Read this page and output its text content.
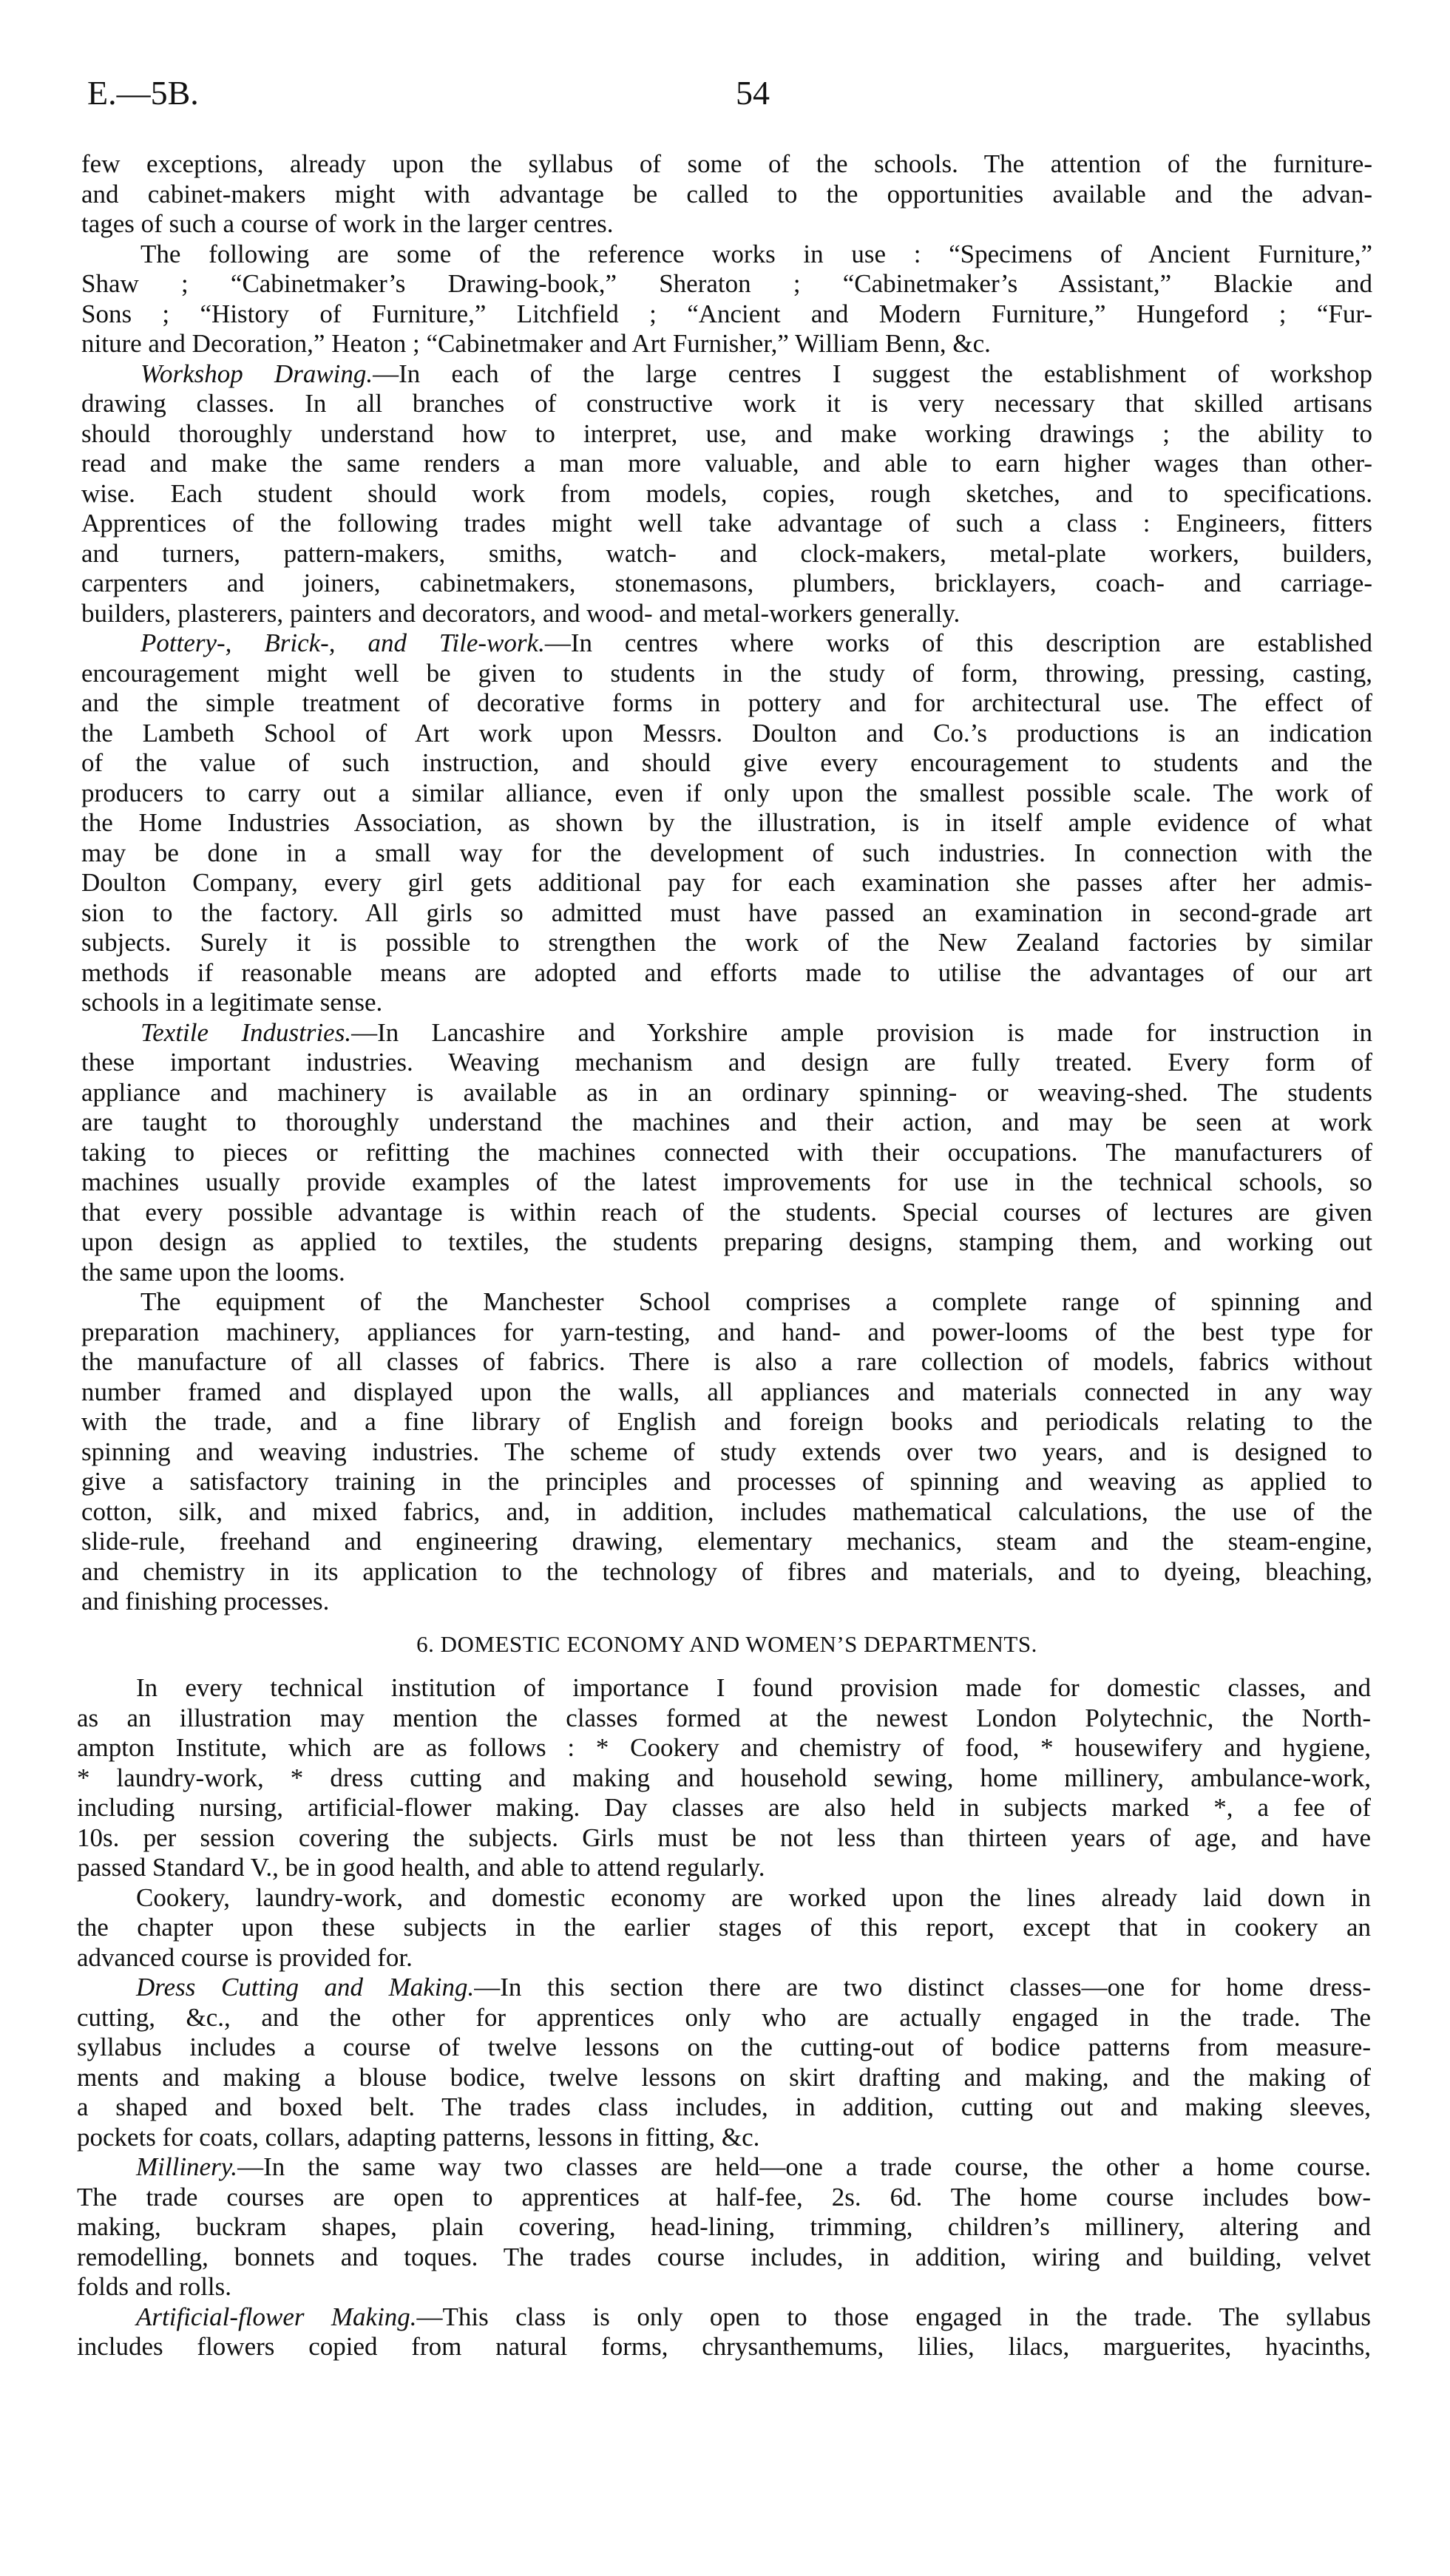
E.—5B.	54
few exceptions, already upon the syllabus of some of the schools. The attention of the furniture-
and cabinet-makers might with advantage be called to the opportunities available and the advan-
tages of such a course of work in the larger centres.
The following are some of the reference works in use : “Specimens of Ancient Furniture,”
Shaw ; “Cabinetmaker’s Drawing-book,” Sheraton ; “Cabinetmaker’s Assistant,” Blackie and
Sons ; “History of Furniture,” Litchfield ; “Ancient and Modern Furniture,” Hungeford ; “Fur-
niture and Decoration,” Heaton ; “Cabinetmaker and Art Furnisher,” William Benn, &c.
Workshop Drawing.—In each of the large centres I suggest the establishment of workshop
drawing classes. In all branches of constructive work it is very necessary that skilled artisans
should thoroughly understand how to interpret, use, and make working drawings ; the ability to
read and make the same renders a man more valuable, and able to earn higher wages than other-
wise. Each student should work from models, copies, rough sketches, and to specifications.
Apprentices of the following trades might well take advantage of such a class : Engineers, fitters
and turners, pattern-makers, smiths, watch- and clock-makers, metal-plate workers, builders,
carpenters and joiners, cabinetmakers, stonemasons, plumbers, bricklayers, coach- and carriage-
builders, plasterers, painters and decorators, and wood- and metal-workers generally.
Pottery-, Brick-, and Tile-work.—In centres where works of this description are established
encouragement might well be given to students in the study of form, throwing, pressing, casting,
and the simple treatment of decorative forms in pottery and for architectural use. The effect of
the Lambeth School of Art work upon Messrs. Doulton and Co.’s productions is an indication
of the value of such instruction, and should give every encouragement to students and the
producers to carry out a similar alliance, even if only upon the smallest possible scale. The work of
the Home Industries Association, as shown by the illustration, is in itself ample evidence of what
may be done in a small way for the development of such industries. In connection with the
Doulton Company, every girl gets additional pay for each examination she passes after her admis-
sion to the factory. All girls so admitted must have passed an examination in second-grade art
subjects. Surely it is possible to strengthen the work of the New Zealand factories by similar
methods if reasonable means are adopted and efforts made to utilise the advantages of our art
schools in a legitimate sense.
Textile Industries.—In Lancashire and Yorkshire ample provision is made for instruction in
these important industries. Weaving mechanism and design are fully treated. Every form of
appliance and machinery is available as in an ordinary spinning- or weaving-shed. The students
are taught to thoroughly understand the machines and their action, and may be seen at work
taking to pieces or refitting the machines connected with their occupations. The manufacturers of
machines usually provide examples of the latest improvements for use in the technical schools, so
that every possible advantage is within reach of the students. Special courses of lectures are given
upon design as applied to textiles, the students preparing designs, stamping them, and working out
the same upon the looms.
The equipment of the Manchester School comprises a complete range of spinning and
preparation machinery, appliances for yarn-testing, and hand- and power-looms of the best type for
the manufacture of all classes of fabrics. There is also a rare collection of models, fabrics without
number framed and displayed upon the walls, all appliances and materials connected in any way
with the trade, and a fine library of English and foreign books and periodicals relating to the
spinning and weaving industries. The scheme of study extends over two years, and is designed to
give a satisfactory training in the principles and processes of spinning and weaving as applied to
cotton, silk, and mixed fabrics, and, in addition, includes mathematical calculations, the use of the
slide-rule, freehand and engineering drawing, elementary mechanics, steam and the steam-engine,
and chemistry in its application to the technology of fibres and materials, and to dyeing, bleaching,
and finishing processes.
6. DOMESTIC ECONOMY AND WOMEN’S DEPARTMENTS.
In every technical institution of importance I found provision made for domestic classes, and
as an illustration may mention the classes formed at the newest London Polytechnic, the North-
ampton Institute, which are as follows : * Cookery and chemistry of food, * housewifery and hygiene,
* laundry-work, * dress cutting and making and household sewing, home millinery, ambulance-work,
including nursing, artificial-flower making. Day classes are also held in subjects marked *, a fee of
10s. per session covering the subjects. Girls must be not less than thirteen years of age, and have
passed Standard V., be in good health, and able to attend regularly.
Cookery, laundry-work, and domestic economy are worked upon the lines already laid down in
the chapter upon these subjects in the earlier stages of this report, except that in cookery an
advanced course is provided for.
Dress Cutting and Making.—In this section there are two distinct classes—one for home dress-
cutting, &c., and the other for apprentices only who are actually engaged in the trade. The
syllabus includes a course of twelve lessons on the cutting-out of bodice patterns from measure-
ments and making a blouse bodice, twelve lessons on skirt drafting and making, and the making of
a shaped and boxed belt. The trades class includes, in addition, cutting out and making sleeves,
pockets for coats, collars, adapting patterns, lessons in fitting, &c.
Millinery.—In the same way two classes are held—one a trade course, the other a home course.
The trade courses are open to apprentices at half-fee, 2s. 6d. The home course includes bow-
making, buckram shapes, plain covering, head-lining, trimming, children’s millinery, altering and
remodelling, bonnets and toques. The trades course includes, in addition, wiring and building, velvet
folds and rolls.
Artificial-flower Making.—This class is only open to those engaged in the trade. The syllabus
includes flowers copied from natural forms, chrysanthemums, lilies, lilacs, marguerites, hyacinths,
